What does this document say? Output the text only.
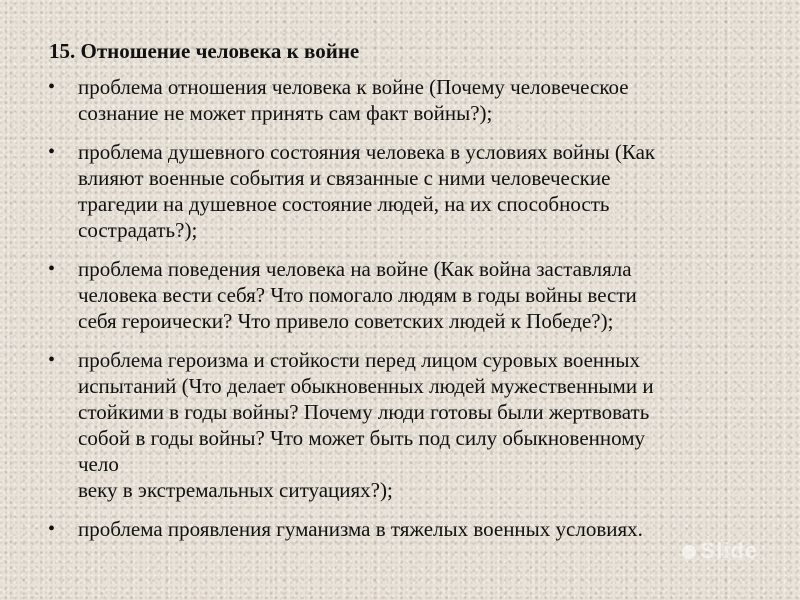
15. Отношение человека к войне
• проблема отношения человека к войне (Почему человеческое
сознание не может принять сам факт войны?);
• проблема душевного состояния человека в условиях войны (Как
влияют военные события и связанные с ними человеческие
трагедии на душевное состояние людей, на их способность
сострадать?);
• проблема поведения человека на войне (Как война заставляла
человека вести себя? Что помогало людям в годы войны вести
себя героически? Что привело советских людей к Победе?);
• проблема героизма и стойкости перед лицом суровых военных
испытаний (Что делает обыкновенных людей мужественными и
стойкими в годы войны? Почему люди готовы были жертвовать
собой в годы войны? Что может быть под силу обыкновенному
чело
веку в экстремальных ситуациях?);
• проблема проявления гуманизма в тяжелых военных условиях.
Slide
